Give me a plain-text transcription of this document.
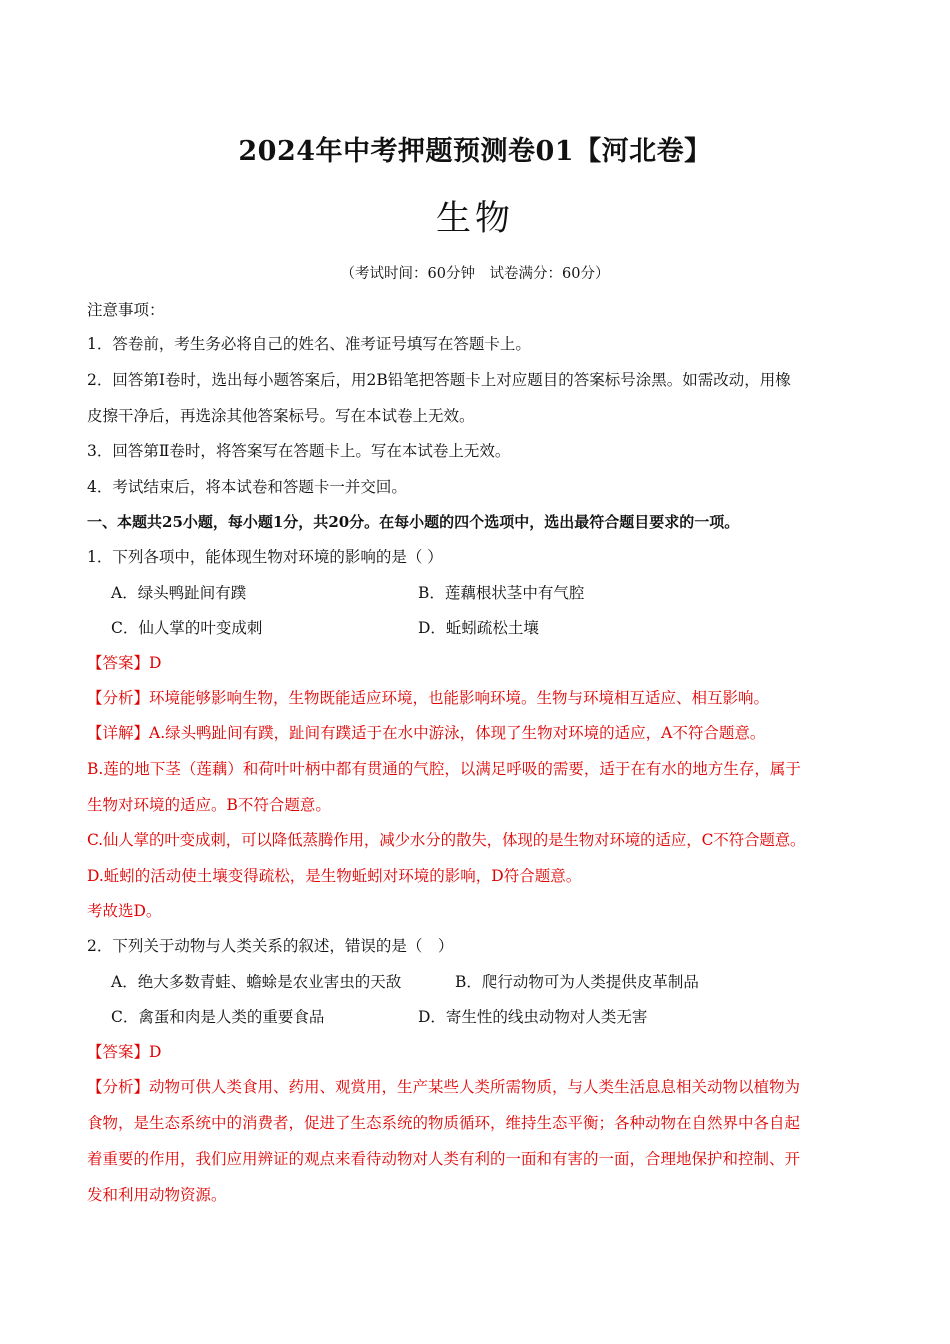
2024年中考押题预测卷01【河北卷】
生物
（考试时间：60分钟　试卷满分：60分）
注意事项：
1．答卷前，考生务必将自己的姓名、准考证号填写在答题卡上。
2．回答第Ⅰ卷时，选出每小题答案后，用2B铅笔把答题卡上对应题目的答案标号涂黑。如需改动，用橡
皮擦干净后，再选涂其他答案标号。写在本试卷上无效。
3．回答第Ⅱ卷时，将答案写在答题卡上。写在本试卷上无效。
4．考试结束后，将本试卷和答题卡一并交回。
一、本题共25小题，每小题1分，共20分。在每小题的四个选项中，选出最符合题目要求的一项。
1．下列各项中，能体现生物对环境的影响的是（ ）
A．绿头鸭趾间有蹼	B．莲藕根状茎中有气腔
C．仙人掌的叶变成刺	D．蚯蚓疏松土壤
【答案】D
【分析】环境能够影响生物，生物既能适应环境，也能影响环境。生物与环境相互适应、相互影响。
【详解】A.绿头鸭趾间有蹼，趾间有蹼适于在水中游泳，体现了生物对环境的适应，A不符合题意。
B.莲的地下茎（莲藕）和荷叶叶柄中都有贯通的气腔，以满足呼吸的需要，适于在有水的地方生存，属于
生物对环境的适应。B不符合题意。
C.仙人掌的叶变成刺，可以降低蒸腾作用，减少水分的散失，体现的是生物对环境的适应，C不符合题意。
D.蚯蚓的活动使土壤变得疏松，是生物蚯蚓对环境的影响，D符合题意。
考故选D。
2．下列关于动物与人类关系的叙述，错误的是（　）
A．绝大多数青蛙、蟾蜍是农业害虫的天敌	B．爬行动物可为人类提供皮革制品
C．禽蛋和肉是人类的重要食品	D．寄生性的线虫动物对人类无害
【答案】D
【分析】动物可供人类食用、药用、观赏用，生产某些人类所需物质，与人类生活息息相关动物以植物为
食物，是生态系统中的消费者，促进了生态系统的物质循环，维持生态平衡；各种动物在自然界中各自起
着重要的作用，我们应用辨证的观点来看待动物对人类有利的一面和有害的一面，合理地保护和控制、开
发和利用动物资源。
